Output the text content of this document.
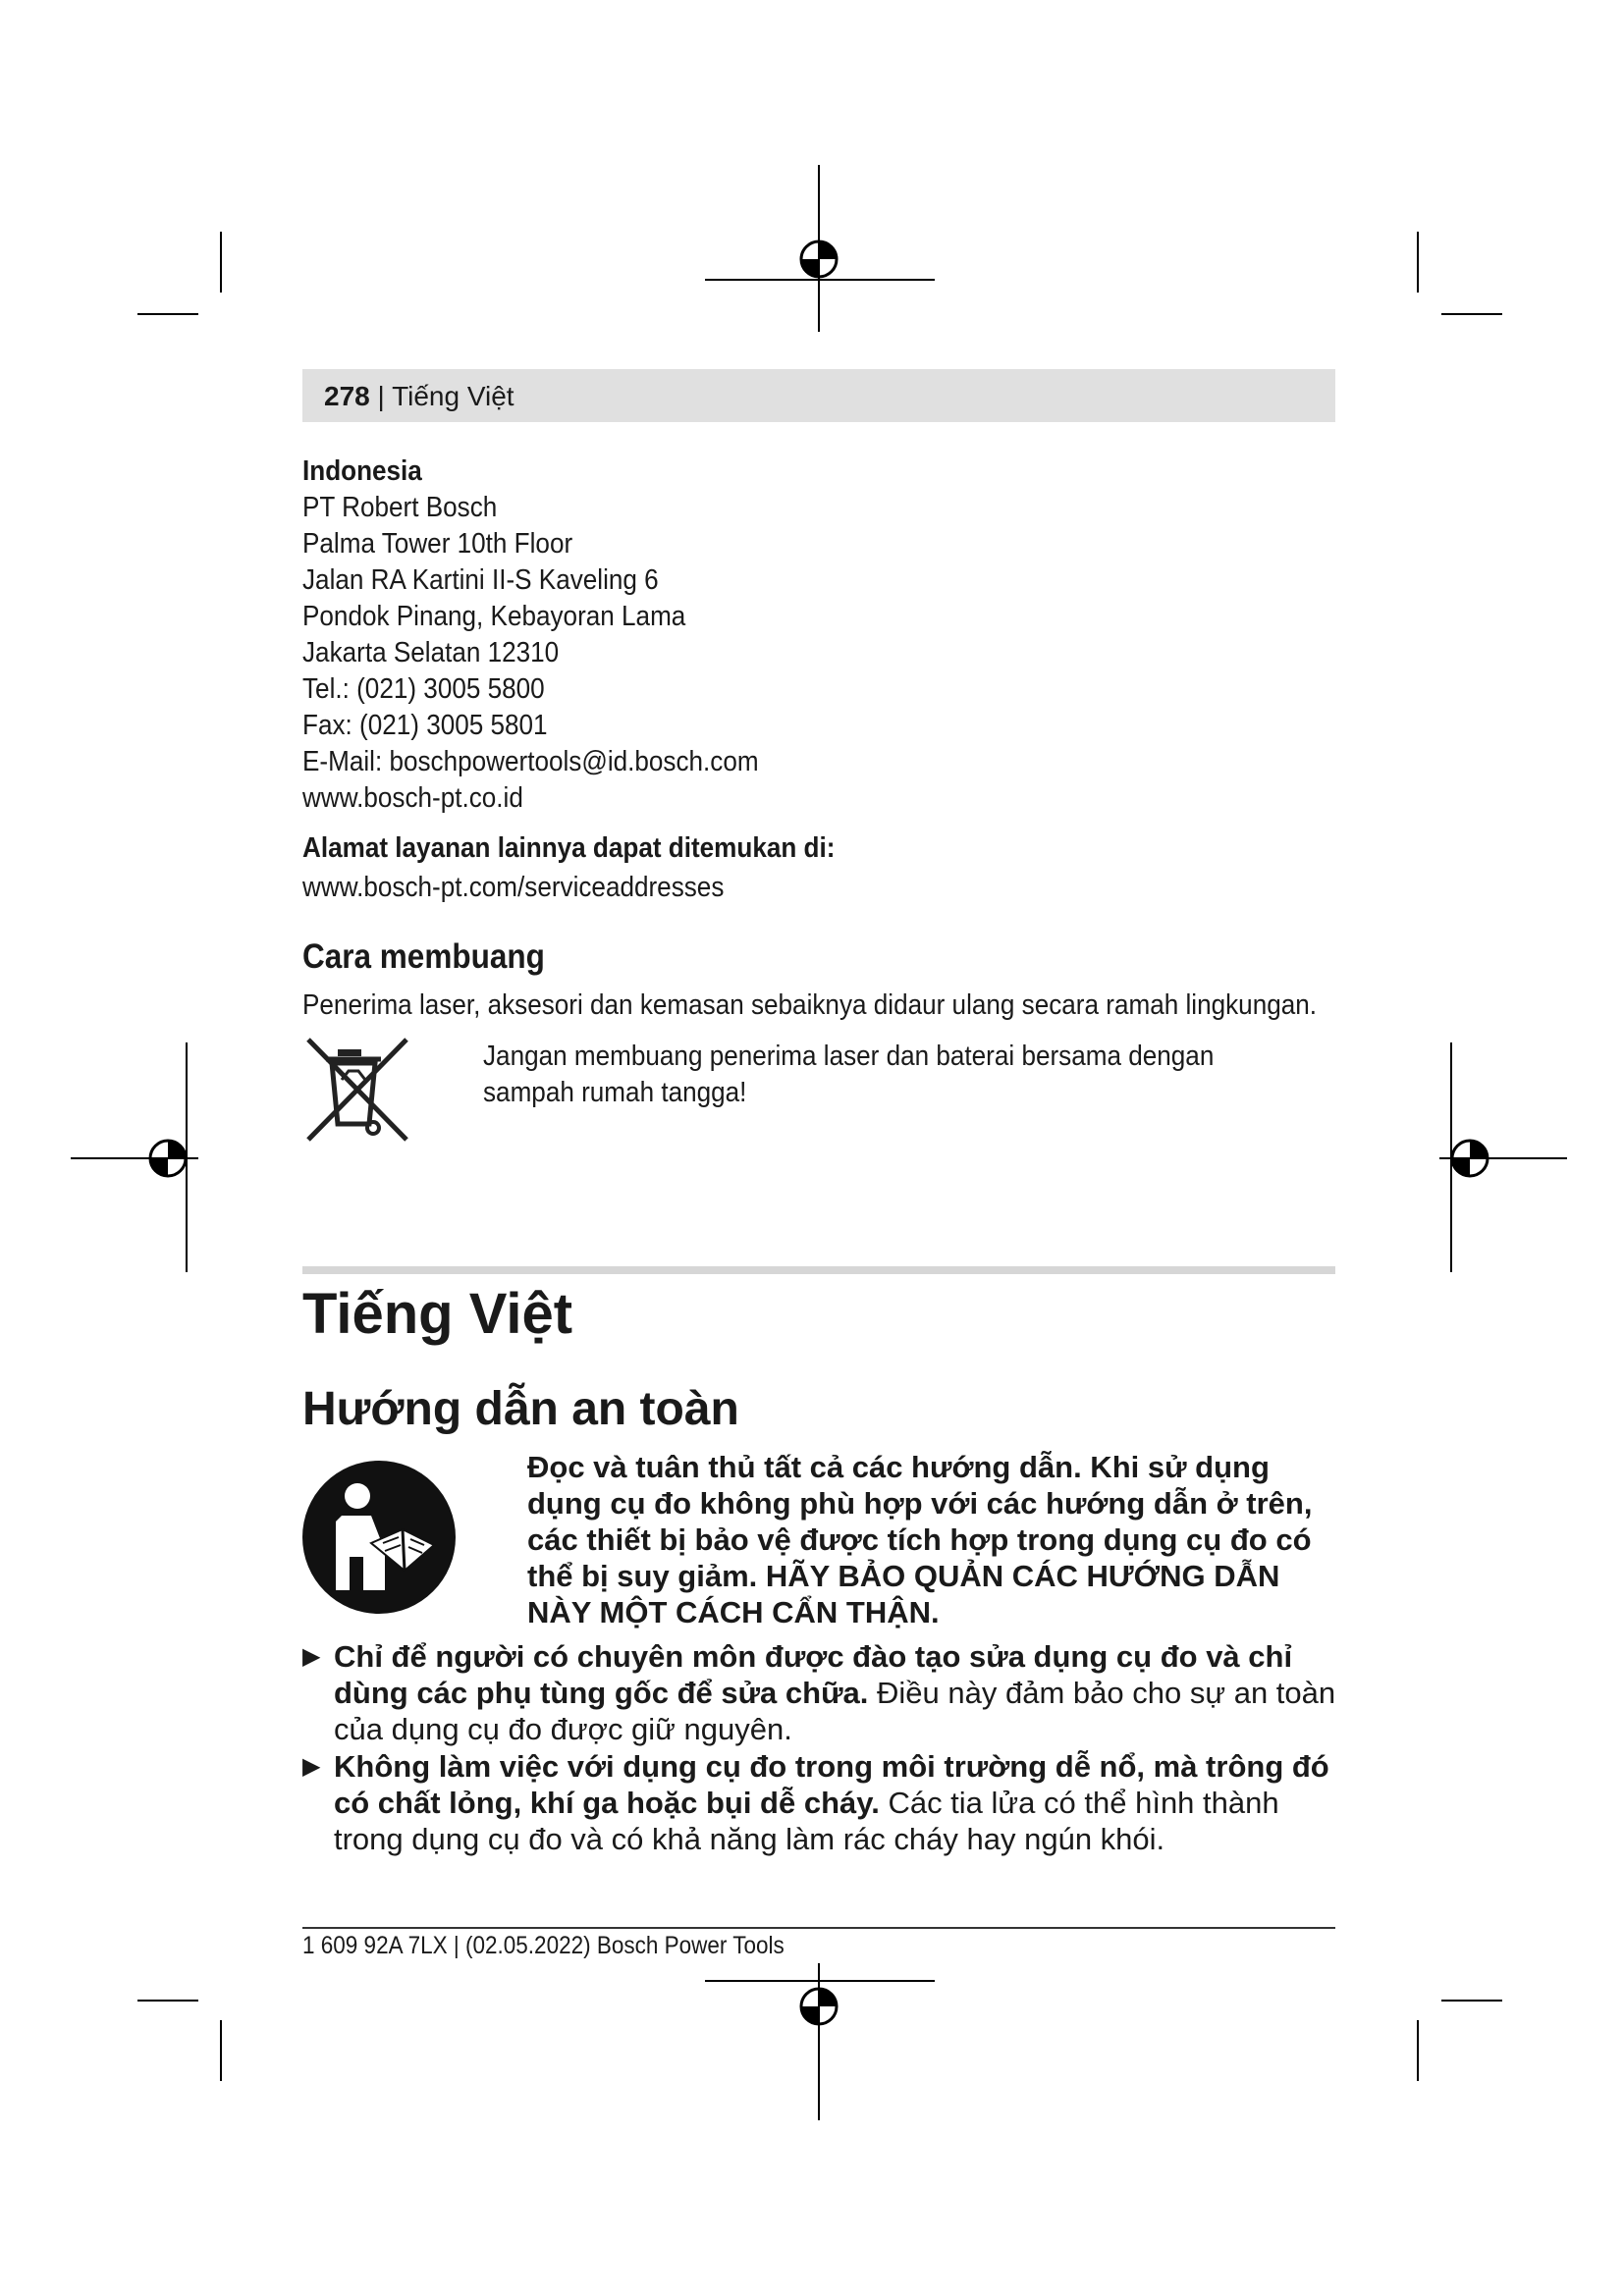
278 | Tiếng Việt
Indonesia
PT Robert Bosch
Palma Tower 10th Floor
Jalan RA Kartini II-S Kaveling 6
Pondok Pinang, Kebayoran Lama
Jakarta Selatan 12310
Tel.: (021) 3005 5800
Fax: (021) 3005 5801
E-Mail: boschpowertools@id.bosch.com
www.bosch-pt.co.id
Alamat layanan lainnya dapat ditemukan di:
www.bosch-pt.com/serviceaddresses
Cara membuang
Penerima laser, aksesori dan kemasan sebaiknya didaur ulang secara ramah lingkungan.
Jangan membuang penerima laser dan baterai bersama dengan sampah rumah tangga!
Tiếng Việt
Hướng dẫn an toàn
Đọc và tuân thủ tất cả các hướng dẫn. Khi sử dụng dụng cụ đo không phù hợp với các hướng dẫn ở trên, các thiết bị bảo vệ được tích hợp trong dụng cụ đo có thể bị suy giảm. HÃY BẢO QUẢN CÁC HƯỚNG DẪN NÀY MỘT CÁCH CẨN THẬN.
▶ Chỉ để người có chuyên môn được đào tạo sửa dụng cụ đo và chỉ dùng các phụ tùng gốc để sửa chữa. Điều này đảm bảo cho sự an toàn của dụng cụ đo được giữ nguyên.
▶ Không làm việc với dụng cụ đo trong môi trường dễ nổ, mà trông đó có chất lỏng, khí ga hoặc bụi dễ cháy. Các tia lửa có thể hình thành trong dụng cụ đo và có khả năng làm rác cháy hay ngún khói.
1 609 92A 7LX | (02.05.2022) Bosch Power Tools
